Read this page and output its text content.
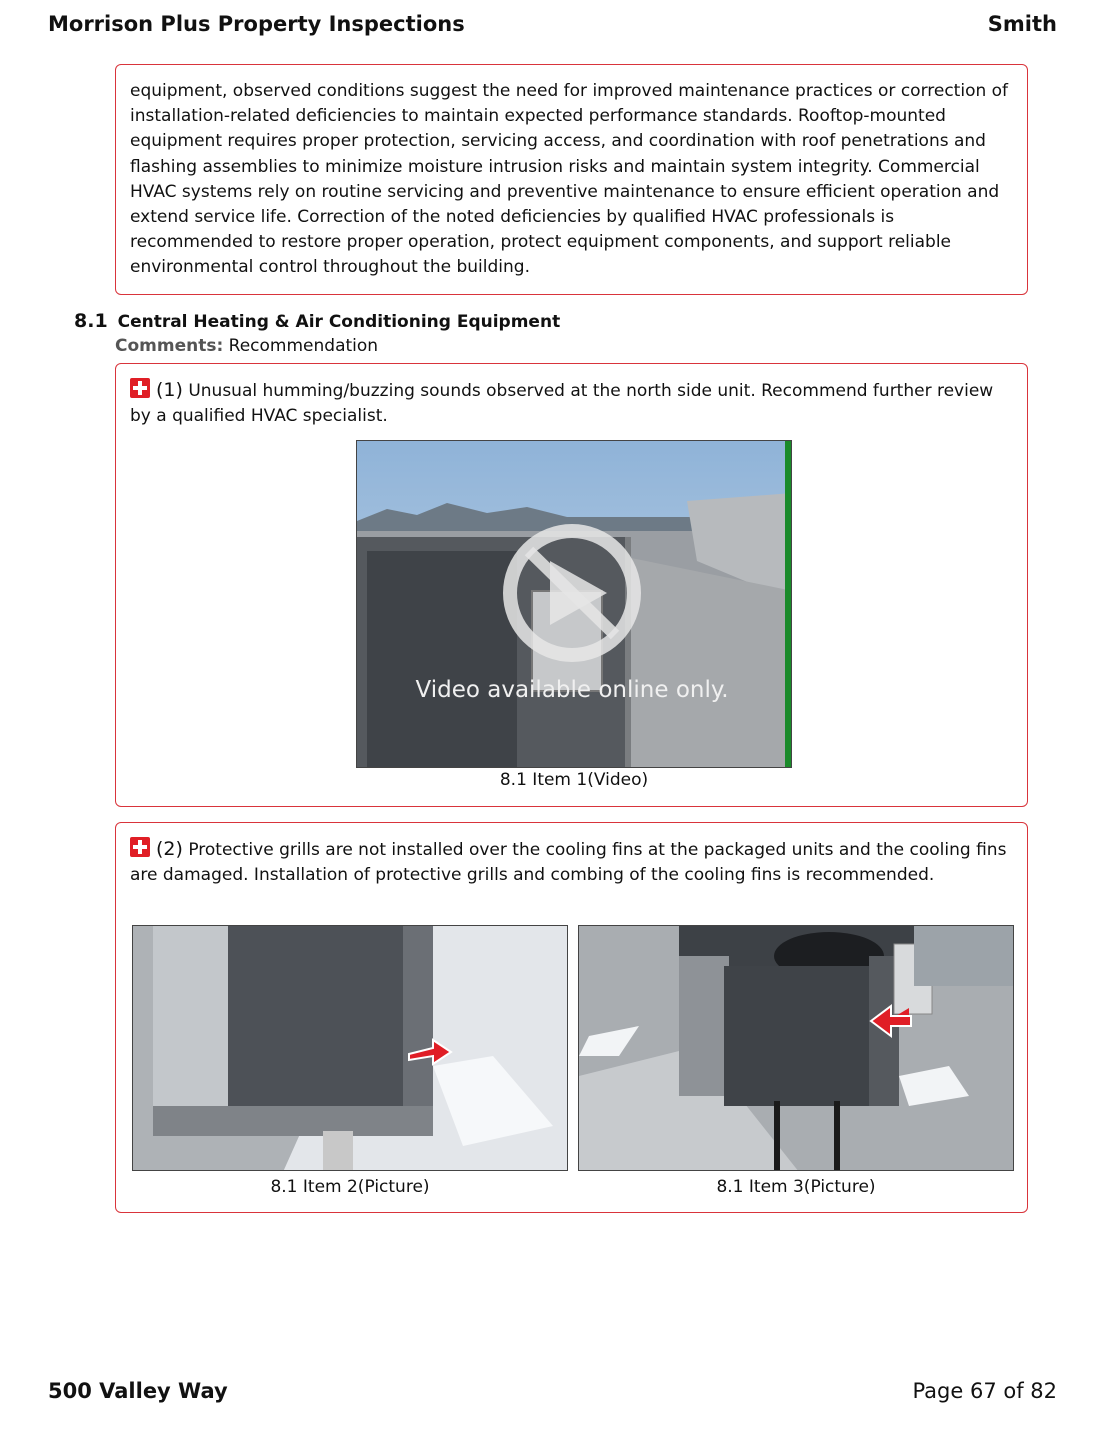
Morrison Plus Property Inspections	Smith
equipment, observed conditions suggest the need for improved maintenance practices or correction of installation-related deficiencies to maintain expected performance standards. Rooftop-mounted equipment requires proper protection, servicing access, and coordination with roof penetrations and flashing assemblies to minimize moisture intrusion risks and maintain system integrity. Commercial HVAC systems rely on routine servicing and preventive maintenance to ensure efficient operation and extend service life. Correction of the noted deficiencies by qualified HVAC professionals is recommended to restore proper operation, protect equipment components, and support reliable environmental control throughout the building.
8.1 Central Heating & Air Conditioning Equipment
Comments: Recommendation
(1) Unusual humming/buzzing sounds observed at the north side unit. Recommend further review by a qualified HVAC specialist.
Video available online only.
8.1 Item 1(Video)
(2) Protective grills are not installed over the cooling fins at the packaged units and the cooling fins are damaged. Installation of protective grills and combing of the cooling fins is recommended.
8.1 Item 2(Picture)	8.1 Item 3(Picture)
500 Valley Way	Page 67 of 82
